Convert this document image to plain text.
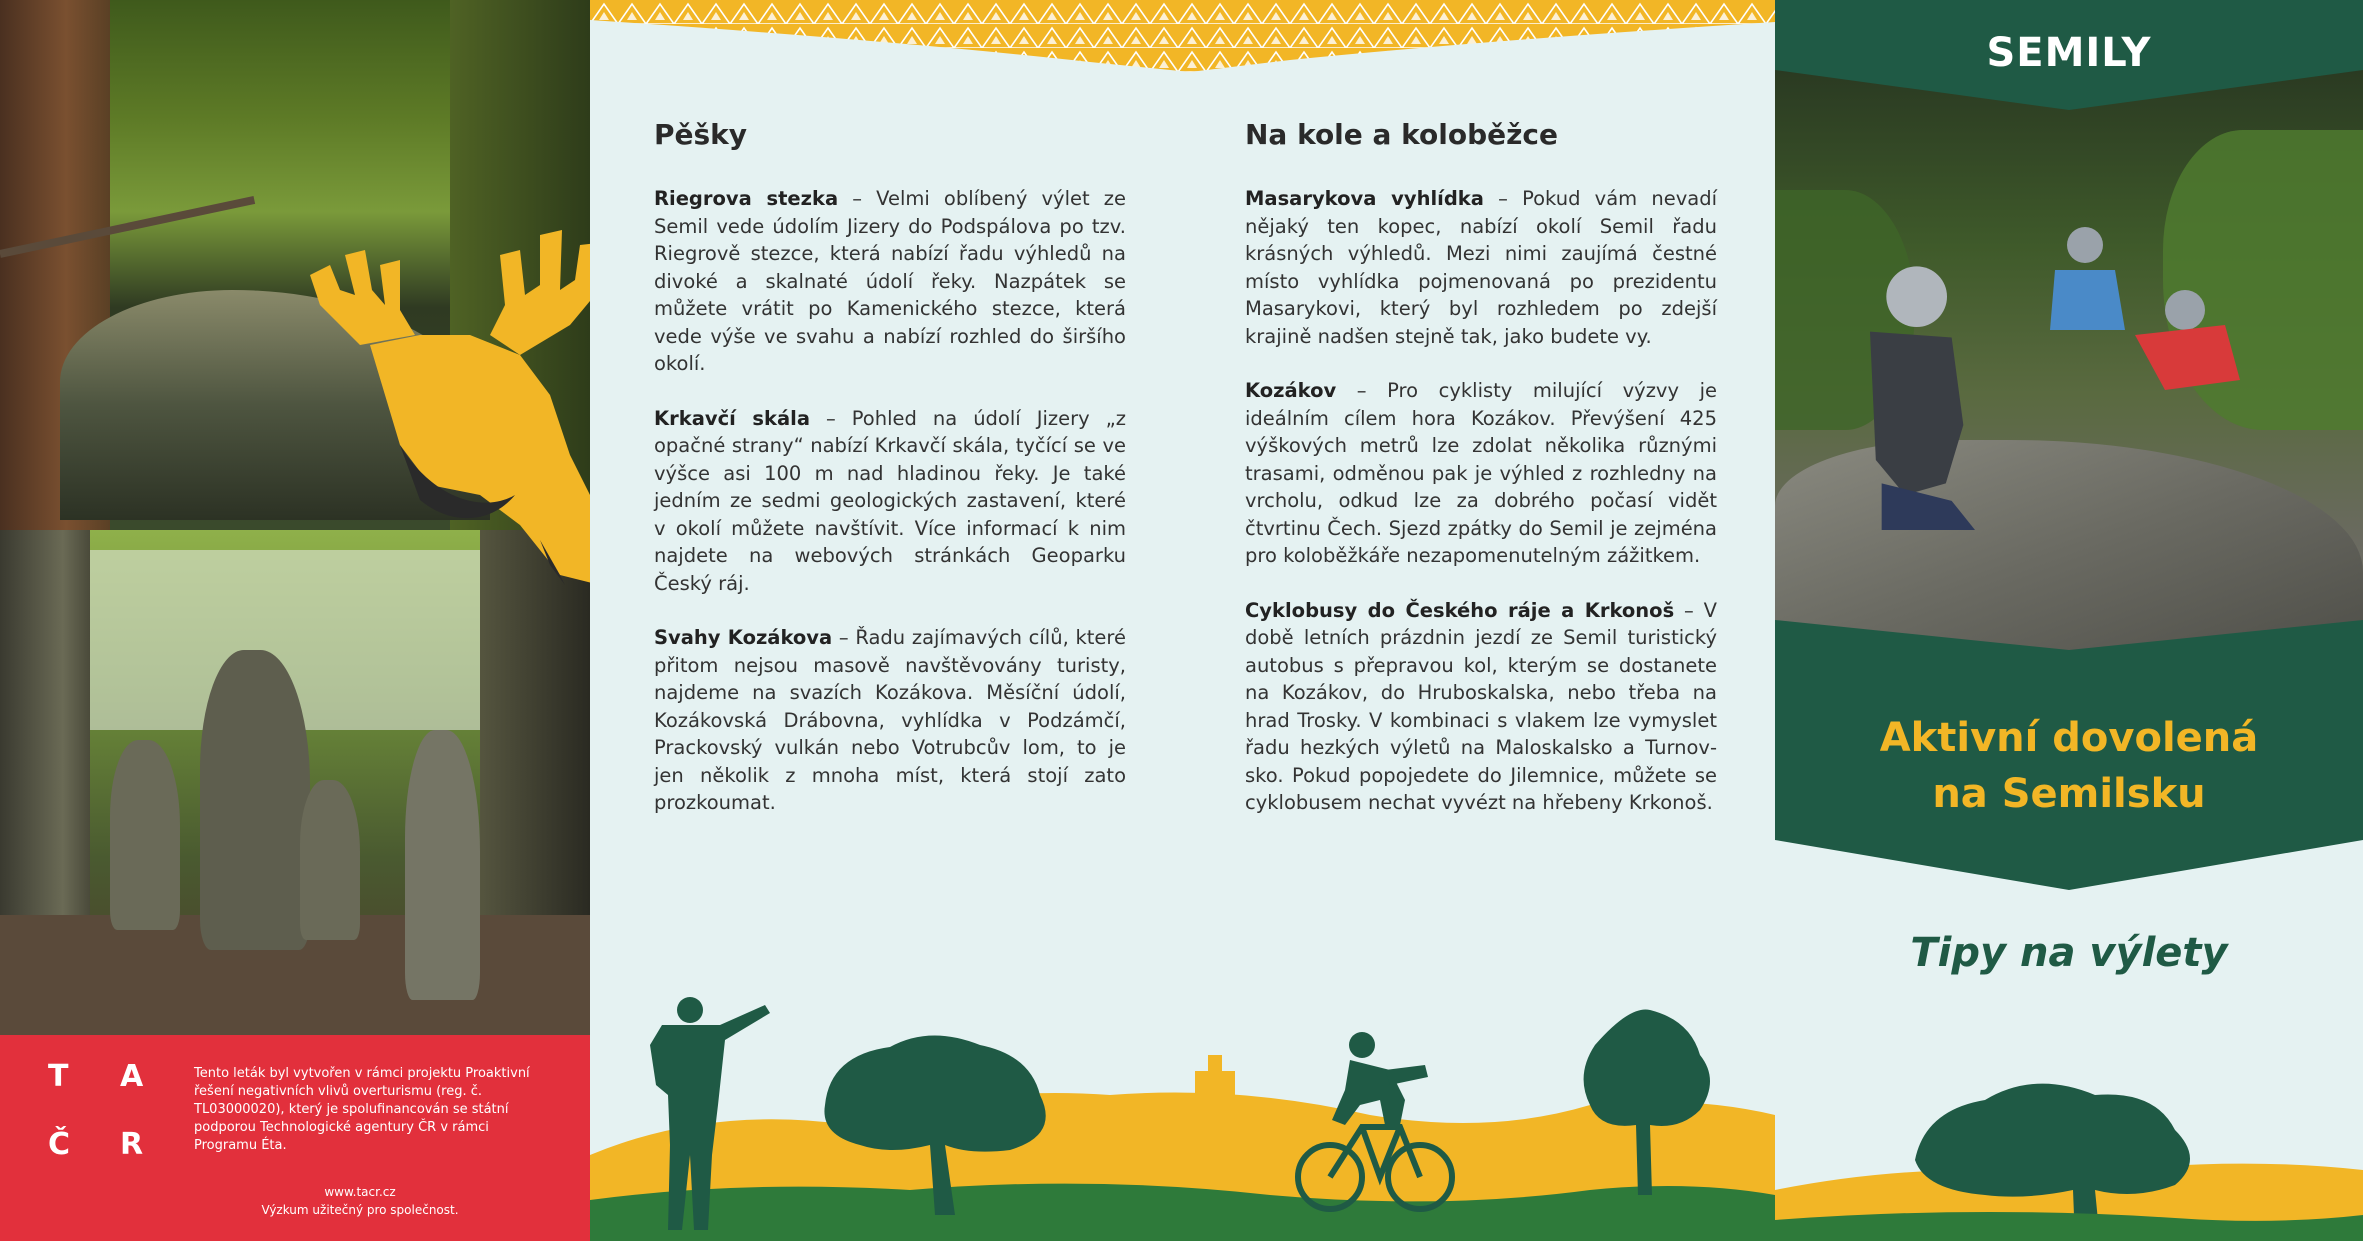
T A
Č R
Tento leták byl vytvořen v rámci projektu Proaktivní řešení negativních vlivů overturismu (reg. č. TL03000020), který je spolufinancován se státní podporou Technologické agentury ČR v rámci Programu Éta.
www.tacr.cz
Výzkum užitečný pro společnost.
Pěšky

Riegrova stezka – Velmi oblíbený výlet ze Semil vede údolím Jizery do Podspálova po tzv. Riegrově stezce, která nabízí řadu výhledů na divoké a skalnaté údolí řeky. Nazpátek se můžete vrátit po Kamenického stezce, která vede výše ve svahu a nabízí rozhled do širšího okolí.

Krkavčí skála – Pohled na údolí Jizery „z opačné strany“ nabízí Krkavčí skála, tyčící se ve výšce asi 100 m nad hladinou řeky. Je také jedním ze sedmi geologických zastavení, které v okolí můžete navštívit. Více informací k nim najdete na webových stránkách Geoparku Český ráj.

Svahy Kozákova – Řadu zajímavých cílů, které přitom nejsou masově navštěvovány turisty, najdeme na svazích Kozákova. Měsíční údolí, Kozákovská Drábovna, vyhlídka v Podzámčí, Prackovský vulkán nebo Votrubcův lom, to je jen několik z mnoha míst, která stojí zato prozkoumat.

Na kole a koloběžce

Masarykova vyhlídka – Pokud vám nevadí nějaký ten kopec, nabízí okolí Semil řadu krásných výhledů. Mezi nimi zaujímá čestné místo vyhlídka pojmenovaná po prezidentu Masarykovi, který byl rozhledem po zdejší krajině nadšen stejně tak, jako budete vy.

Kozákov – Pro cyklisty milující výzvy je ideálním cílem hora Kozákov. Převýšení 425 výškových metrů lze zdolat několika různými trasami, odměnou pak je výhled z rozhledny na vrcholu, odkud lze za dobrého počasí vidět čtvrtinu Čech. Sjezd zpátky do Semil je zejména pro koloběžkáře nezapomenutelným zážitkem.

Cyklobusy do Českého ráje a Krkonoš – V době letních prázdnin jezdí ze Semil turistický autobus s přepravou kol, kterým se dostanete na Kozákov, do Hruboskalska, nebo třeba na hrad Trosky. V kombinaci s vlakem lze vymyslet řadu hezkých výletů na Maloskalsko a Turnovsko. Pokud popojedete do Jilemnice, můžete se cyklobusem nechat vyvézt na hřebeny Krkonoš.

SEMILY
Aktivní dovolená
na Semilsku
Tipy na výlety
